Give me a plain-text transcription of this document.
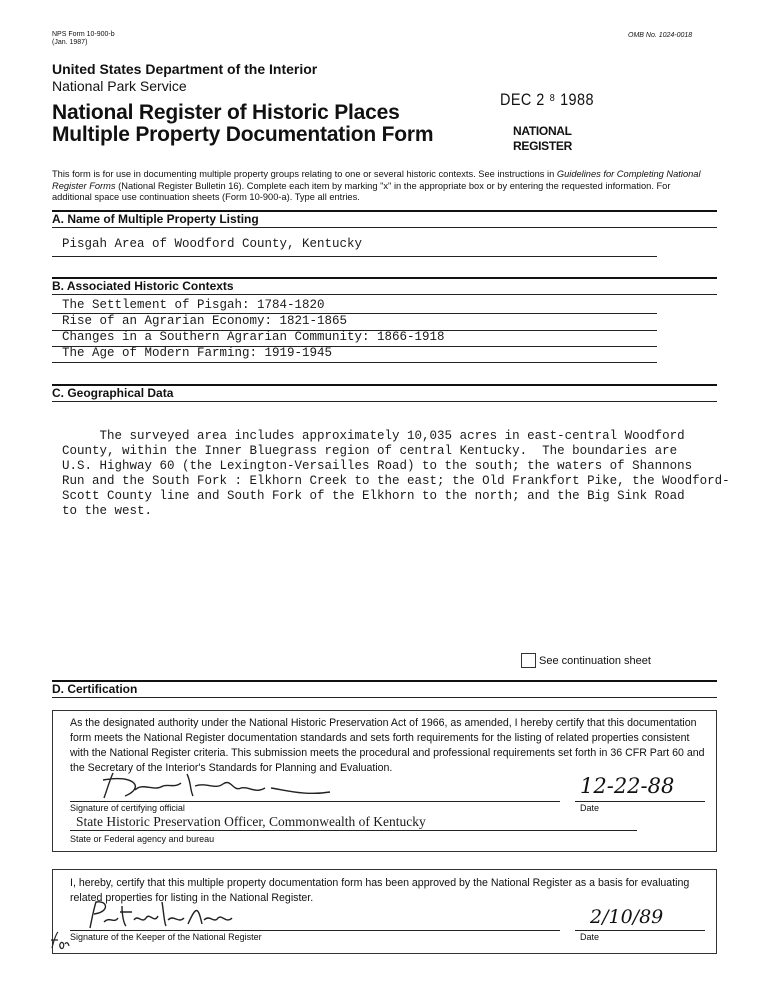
NPS Form 10-900-b
(Jan. 1987)
OMB No. 1024-0018
United States Department of the Interior
National Park Service
National Register of Historic Places
Multiple Property Documentation Form
DEC 2 ⁸ 1988
NATIONAL
REGISTER
This form is for use in documenting multiple property groups relating to one or several historic contexts. See instructions in Guidelines for Completing National Register Forms (National Register Bulletin 16). Complete each item by marking "x" in the appropriate box or by entering the requested information. For additional space use continuation sheets (Form 10-900-a). Type all entries.
A. Name of Multiple Property Listing
Pisgah Area of Woodford County, Kentucky
B. Associated Historic Contexts
The Settlement of Pisgah: 1784-1820
Rise of an Agrarian Economy: 1821-1865
Changes in a Southern Agrarian Community: 1866-1918
The Age of Modern Farming: 1919-1945
C. Geographical Data

The surveyed area includes approximately 10,035 acres in east-central Woodford
County, within the Inner Bluegrass region of central Kentucky.  The boundaries are
U.S. Highway 60 (the Lexington-Versailles Road) to the south; the waters of Shannons
Run and the South Fork : Elkhorn Creek to the east; the Old Frankfort Pike, the Woodford-
Scott County line and South Fork of the Elkhorn to the north; and the Big Sink Road
to the west.

See continuation sheet
D. Certification
As the designated authority under the National Historic Preservation Act of 1966, as amended, I hereby certify that this documentation form meets the National Register documentation standards and sets forth requirements for the listing of related properties consistent with the National Register criteria. This submission meets the procedural and professional requirements set forth in 36 CFR Part 60 and the Secretary of the Interior's Standards for Planning and Evaluation.
Signature of certifying official
12-22-88
Date
State Historic Preservation Officer, Commonwealth of Kentucky
State or Federal agency and bureau
I, hereby, certify that this multiple property documentation form has been approved by the National Register as a basis for evaluating related properties for listing in the National Register.
Signature of the Keeper of the National Register
2/10/89
Date
